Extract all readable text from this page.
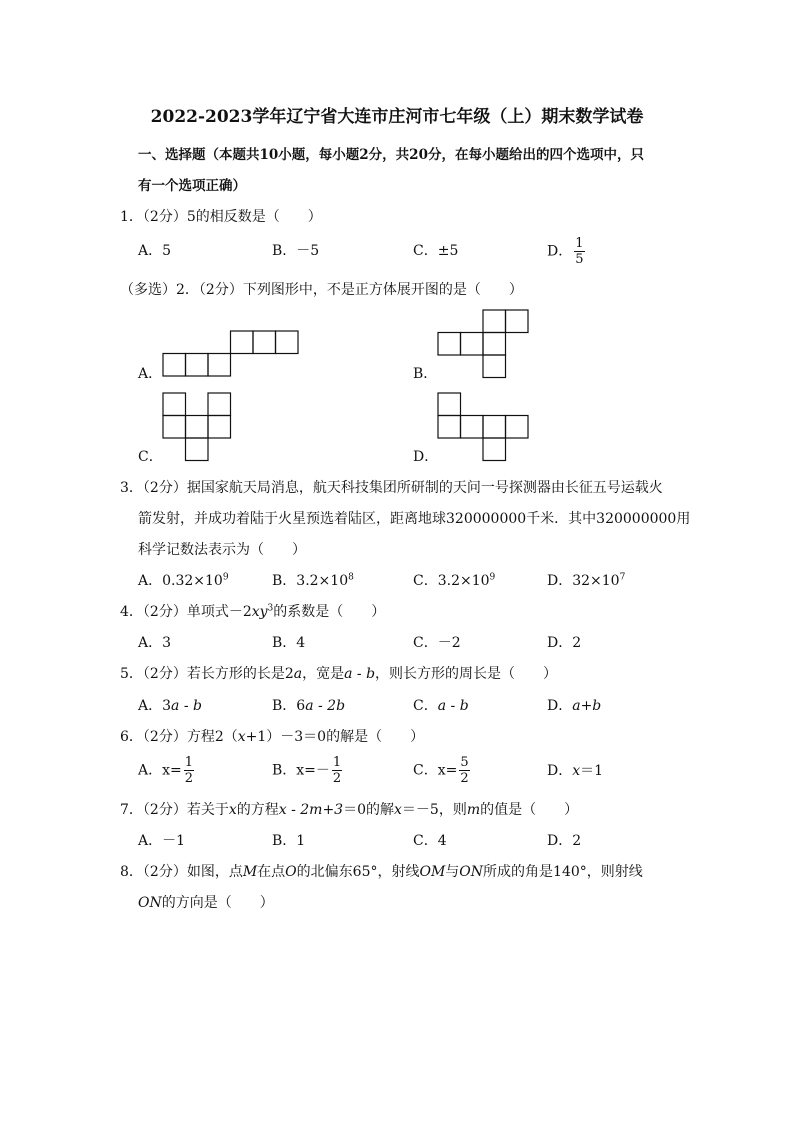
2022-2023学年辽宁省大连市庄河市七年级（上）期末数学试卷
一、选择题（本题共10小题，每小题2分，共20分，在每小题给出的四个选项中，只
有一个选项正确）
1．（2分）5的相反数是（　　）
A．5	B．－5	C．±5	D． $\frac{1}{5}$
（多选）2．（2分）下列图形中，不是正方体展开图的是（　　）
A．	B．
C．	D．
3．（2分）据国家航天局消息，航天科技集团所研制的天问一号探测器由长征五号运载火
箭发射，并成功着陆于火星预选着陆区，距离地球320000000千米．其中320000000用
科学记数法表示为（　　）
A．$0.32\times 10^9$	B．$3.2\times 10^8$	C．$3.2\times 10^9$	D．$32\times 10^7$
4．（2分）单项式$-2xy^3$的系数是（　　）
A．3	B．4	C．－2	D．2
5．（2分）若长方形的长是2a，宽是a - b，则长方形的周长是（　　）
A．3a - b	B．6a - 2b	C．a - b	D．a+b
6．（2分）方程2（x+1）－3＝0的解是（　　）
A．$x= \frac{1}{2}$	B．$x=- \frac{1}{2}$	C．$x= \frac{5}{2}$	D．x＝1
7．（2分）若关于x的方程x - 2m+3＝0的解x＝－5，则m的值是（　　）
A．－1	B．1	C．4	D．2
8．（2分）如图，点M在点O的北偏东65°，射线OM与ON所成的角是140°，则射线
ON的方向是（　　）
